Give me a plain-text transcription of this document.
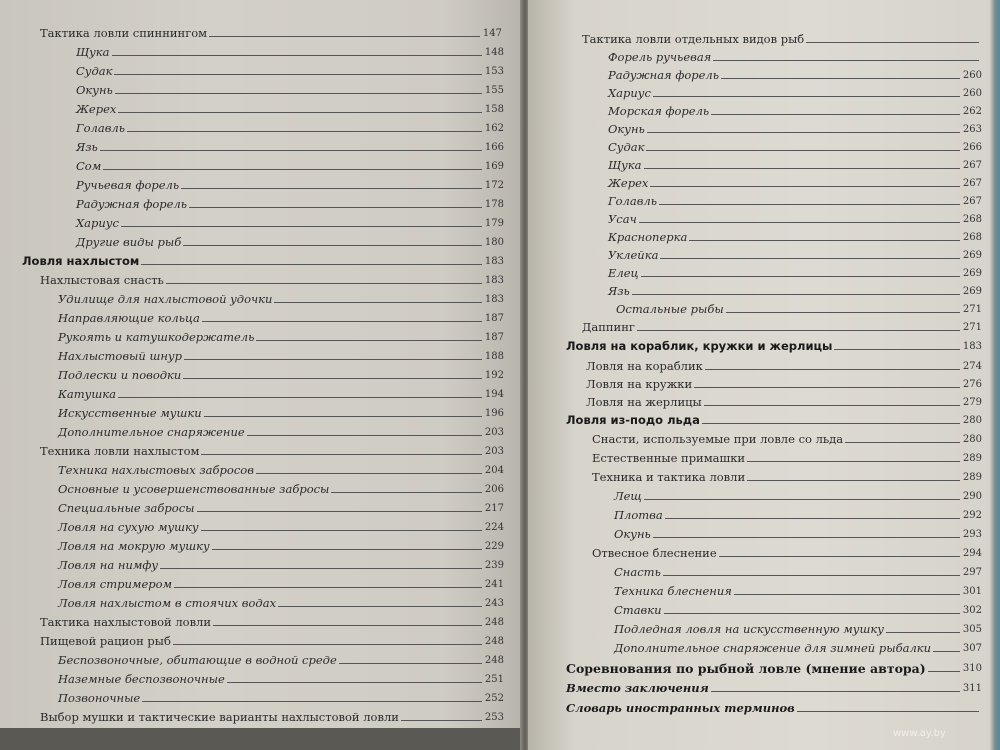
Тактика ловли спиннингом	147
Щука	148
Судак	153
Окунь	155
Жерех	158
Голавль	162
Язь	166
Сом	169
Ручьевая форель	172
Радужная форель	178
Хариус	179
Другие виды рыб	180
Ловля нахлыстом	183
Нахлыстовая снасть	183
Удилище для нахлыстовой удочки	183
Направляющие кольца	187
Рукоять и катушкодержатель	187
Нахлыстовый шнур	188
Подлески и поводки	192
Катушка	194
Искусственные мушки	196
Дополнительное снаряжение	203
Техника ловли нахлыстом	203
Техника нахлыстовых забросов	204
Основные и усовершенствованные забросы	206
Специальные забросы	217
Ловля на сухую мушку	224
Ловля на мокрую мушку	229
Ловля на нимфу	239
Ловля стримером	241
Ловля нахлыстом в стоячих водах	243
Тактика нахлыстовой ловли	248
Пищевой рацион рыб	248
Беспозвоночные, обитающие в водной среде	248
Наземные беспозвоночные	251
Позвоночные	252
Выбор мушки и тактические варианты нахлыстовой ловли	253
Тактика ловли отдельных видов рыб
Форель ручьевая
Радужная форель	260
Хариус	260
Морская форель	262
Окунь	263
Судак	266
Щука	267
Жерех	267
Голавль	267
Усач	268
Красноперка	268
Уклейка	269
Елец	269
Язь	269
Остальные рыбы	271
Даппинг	271
Ловля на кораблик, кружки и жерлицы	183
Ловля на кораблик	274
Ловля на кружки	276
Ловля на жерлицы	279
Ловля из-подо льда	280
Снасти, используемые при ловле со льда	280
Естественные примашки	289
Техника и тактика ловли	289
Лещ	290
Плотва	292
Окунь	293
Отвесное блеснение	294
Снасть	297
Техника блеснения	301
Ставки	302
Подледная ловля на искусственную мушку	305
Дополнительное снаряжение для зимней рыбалки	307
Соревнования по рыбной ловле (мнение автора)	310
Вместо заключения	311
Словарь иностранных терминов
www.ay.by
